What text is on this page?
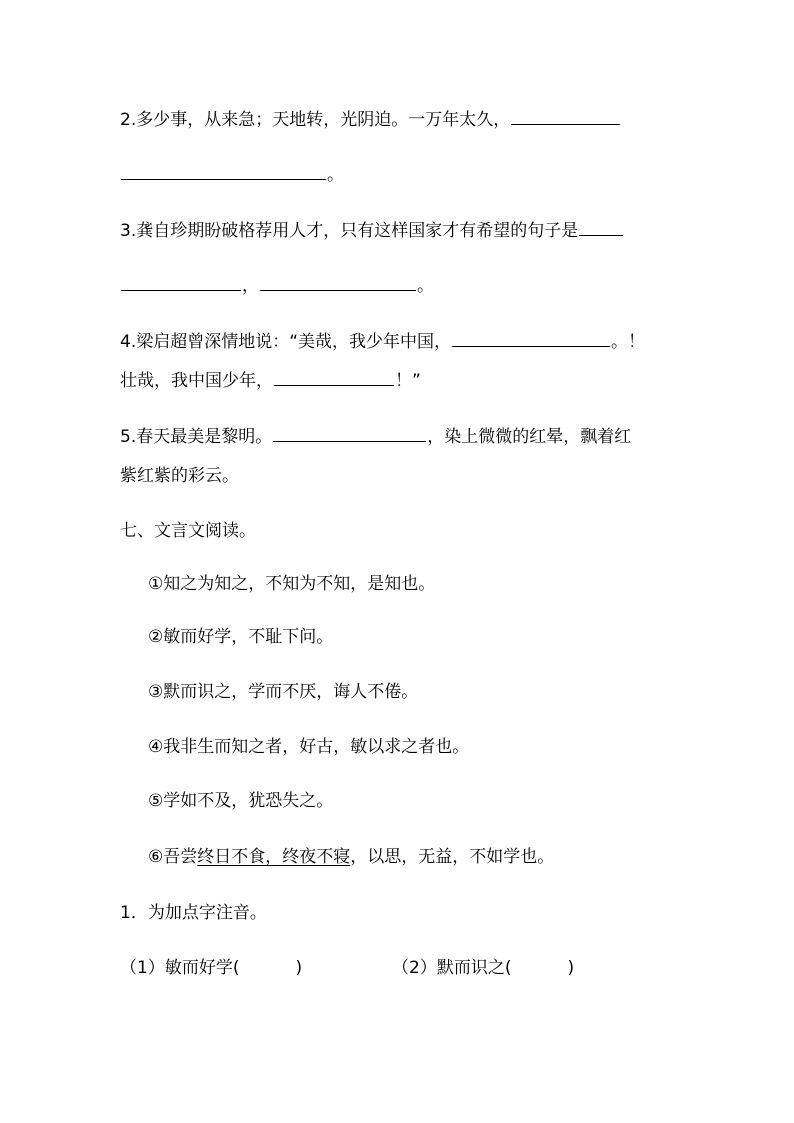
2.多少事，从来急；天地转，光阴迫。一万年太久，
。
3.龚自珍期盼破格荐用人才，只有这样国家才有希望的句子是
，	。
4.梁启超曾深情地说：“美哉，我少年中国，	。！
壮哉，我中国少年，	！”
5.春天最美是黎明。	，染上微微的红晕，飘着红
紫红紫的彩云。
七、文言文阅读。
①知之为知之，不知为不知，是知也。
②敏而好学，不耻下问。
③默而识之，学而不厌，诲人不倦。
④我非生而知之者，好古，敏以求之者也。
⑤学如不及，犹恐失之。
⑥吾尝终日不食，终夜不寝，以思，无益，不如学也。
1．为加点字注音。
（1）敏而好学(	)	（2）默而识之(	)
